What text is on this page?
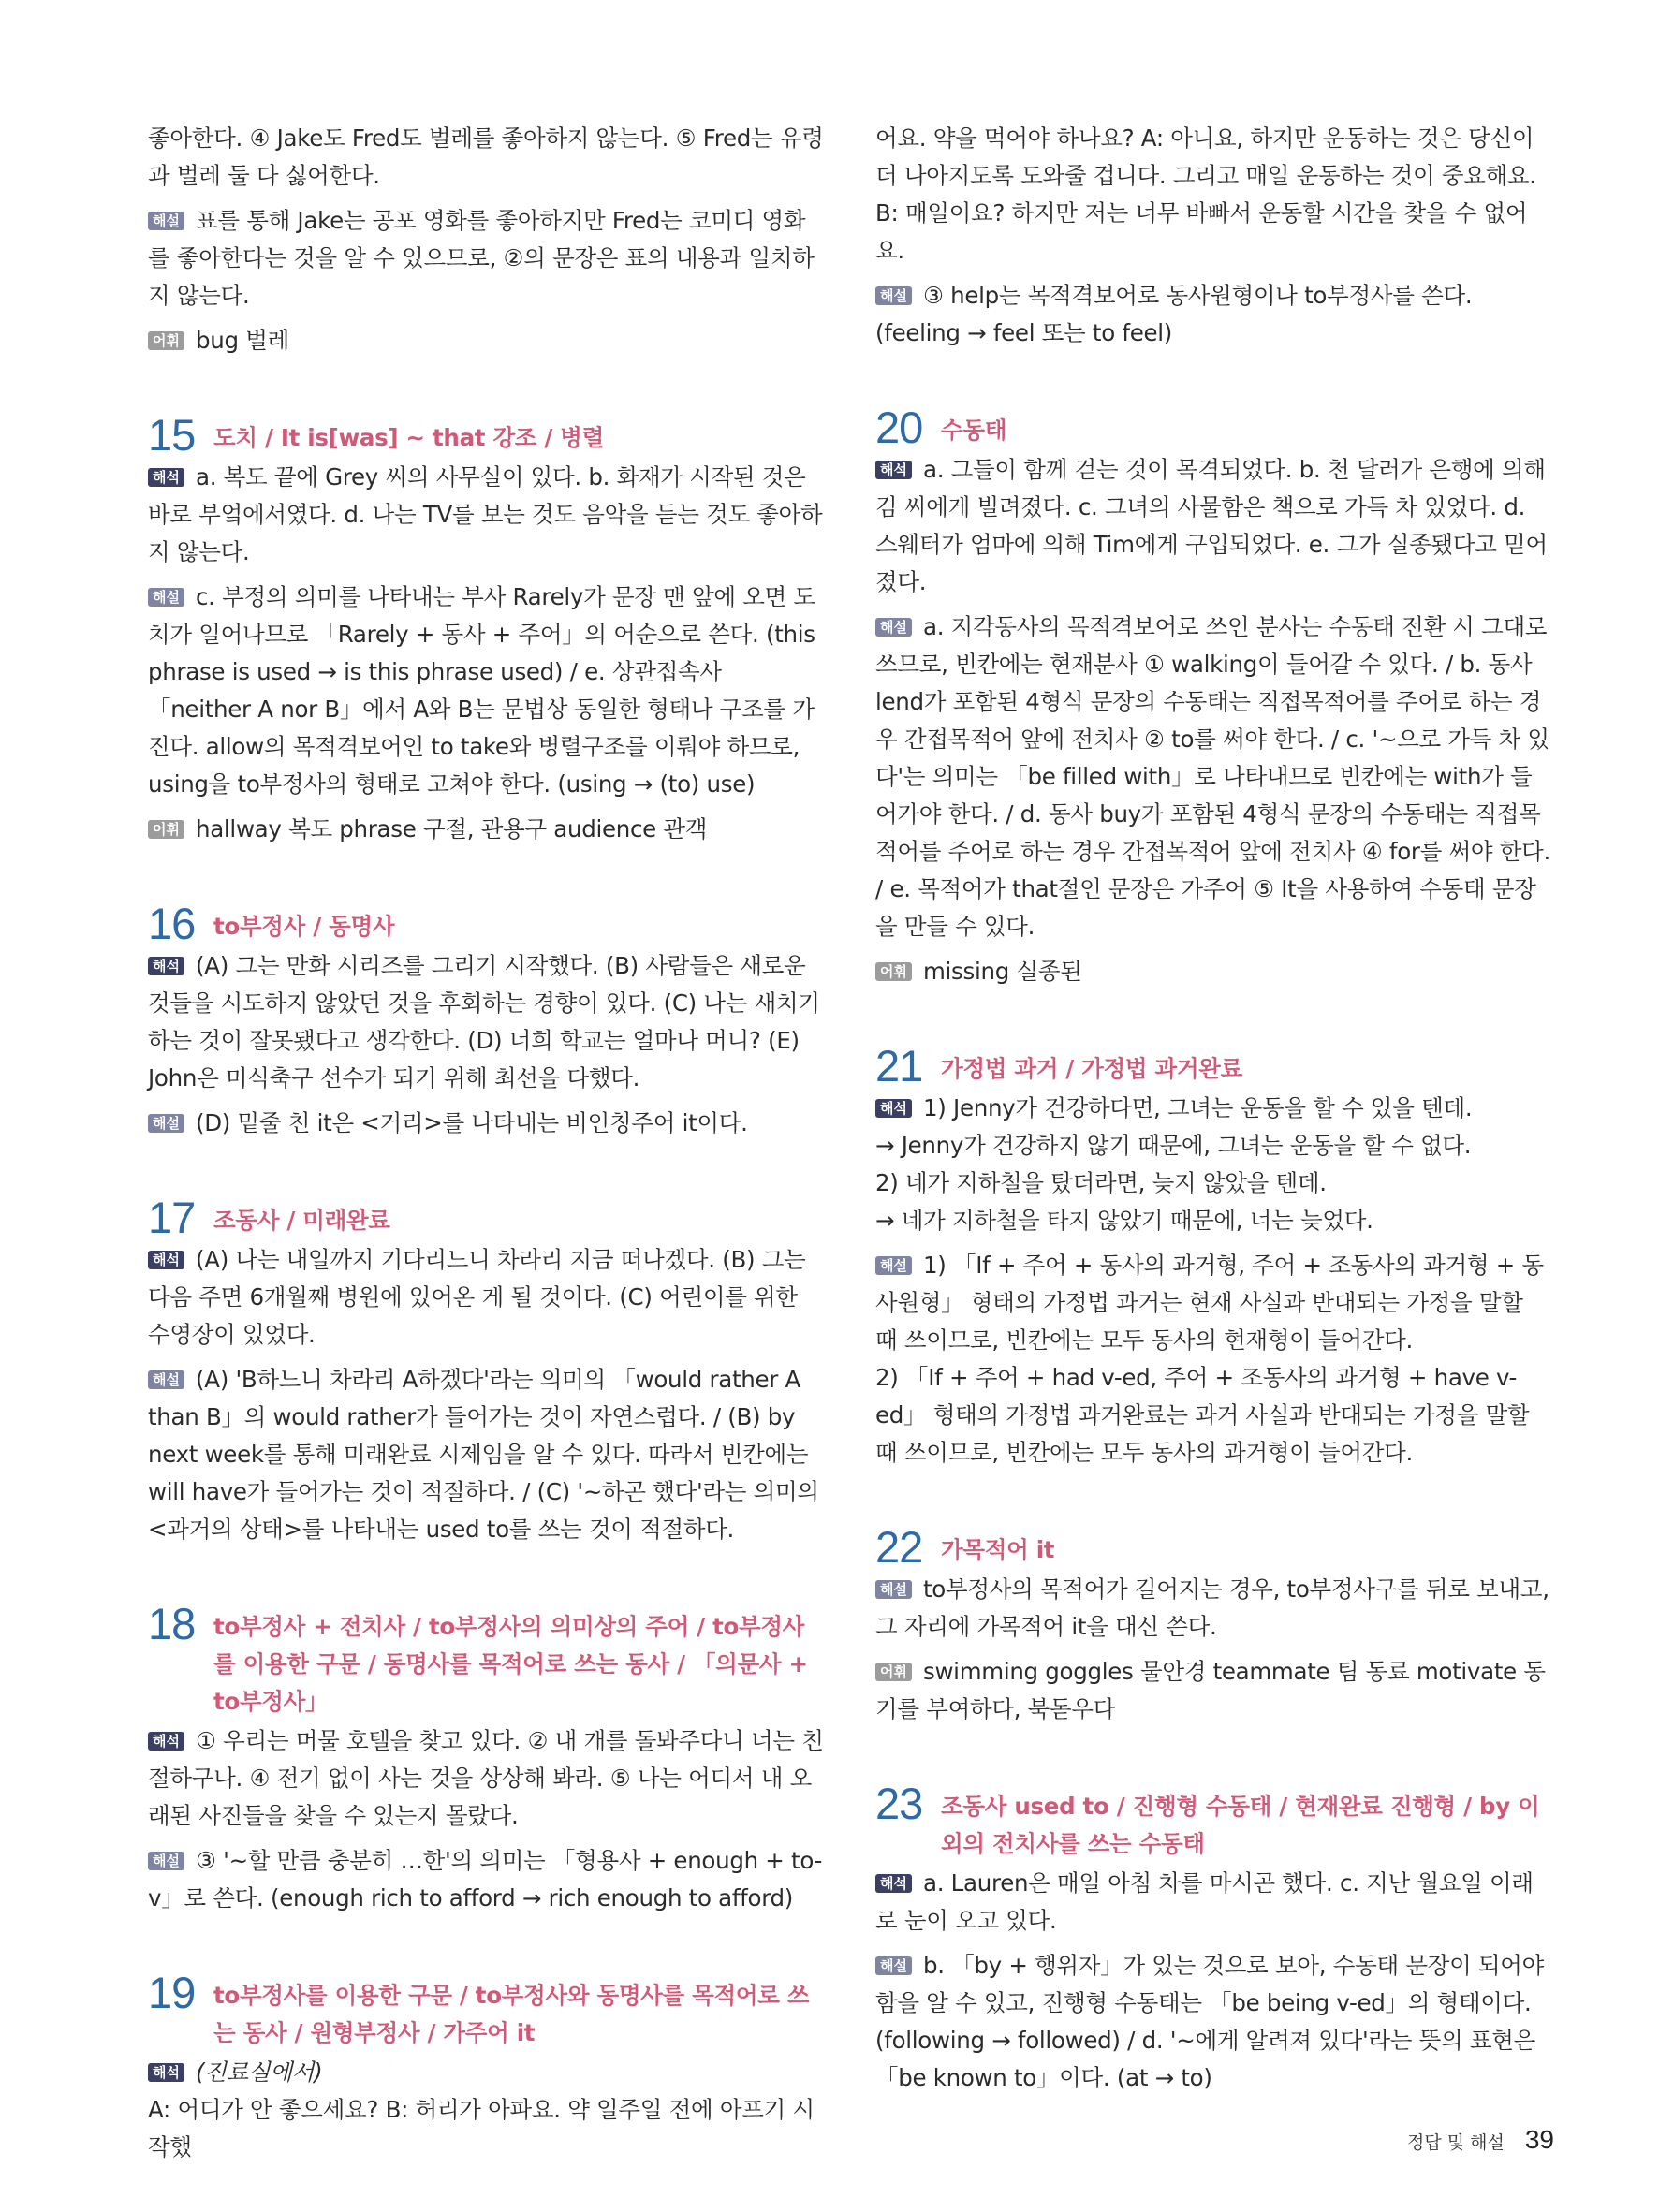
좋아한다. ④ Jake도 Fred도 벌레를 좋아하지 않는다. ⑤ Fred는 유령과 벌레 둘 다 싫어한다.

해설 표를 통해 Jake는 공포 영화를 좋아하지만 Fred는 코미디 영화를 좋아한다는 것을 알 수 있으므로, ②의 문장은 표의 내용과 일치하지 않는다.

어휘 bug 벌레

15 도치 / It is[was] ~ that 강조 / 병렬

해석 a. 복도 끝에 Grey 씨의 사무실이 있다. b. 화재가 시작된 것은 바로 부엌에서였다. d. 나는 TV를 보는 것도 음악을 듣는 것도 좋아하지 않는다.

해설 c. 부정의 의미를 나타내는 부사 Rarely가 문장 맨 앞에 오면 도치가 일어나므로 「Rarely + 동사 + 주어」의 어순으로 쓴다. (this phrase is used → is this phrase used) / e. 상관접속사 「neither A nor B」에서 A와 B는 문법상 동일한 형태나 구조를 가진다. allow의 목적격보어인 to take와 병렬구조를 이뤄야 하므로, using을 to부정사의 형태로 고쳐야 한다. (using → (to) use)

어휘 hallway 복도 phrase 구절, 관용구 audience 관객

16 to부정사 / 동명사

해석 (A) 그는 만화 시리즈를 그리기 시작했다. (B) 사람들은 새로운 것들을 시도하지 않았던 것을 후회하는 경향이 있다. (C) 나는 새치기하는 것이 잘못됐다고 생각한다. (D) 너희 학교는 얼마나 머니? (E) John은 미식축구 선수가 되기 위해 최선을 다했다.

해설 (D) 밑줄 친 it은 <거리>를 나타내는 비인칭주어 it이다.

17 조동사 / 미래완료

해석 (A) 나는 내일까지 기다리느니 차라리 지금 떠나겠다. (B) 그는 다음 주면 6개월째 병원에 있어온 게 될 것이다. (C) 어린이를 위한 수영장이 있었다.

해설 (A) 'B하느니 차라리 A하겠다'라는 의미의 「would rather A than B」의 would rather가 들어가는 것이 자연스럽다. / (B) by next week를 통해 미래완료 시제임을 알 수 있다. 따라서 빈칸에는 will have가 들어가는 것이 적절하다. / (C) '~하곤 했다'라는 의미의 <과거의 상태>를 나타내는 used to를 쓰는 것이 적절하다.

18 to부정사 + 전치사 / to부정사의 의미상의 주어 / to부정사를 이용한 구문 / 동명사를 목적어로 쓰는 동사 / 「의문사 + to부정사」

해석 ① 우리는 머물 호텔을 찾고 있다. ② 내 개를 돌봐주다니 너는 친절하구나. ④ 전기 없이 사는 것을 상상해 봐라. ⑤ 나는 어디서 내 오래된 사진들을 찾을 수 있는지 몰랐다.

해설 ③ '~할 만큼 충분히 …한'의 의미는 「형용사 + enough + to-v」로 쓴다. (enough rich to afford → rich enough to afford)

19 to부정사를 이용한 구문 / to부정사와 동명사를 목적어로 쓰는 동사 / 원형부정사 / 가주어 it

해석 (진료실에서)

A: 어디가 안 좋으세요? B: 허리가 아파요. 약 일주일 전에 아프기 시작했

어요. 약을 먹어야 하나요? A: 아니요, 하지만 운동하는 것은 당신이 더 나아지도록 도와줄 겁니다. 그리고 매일 운동하는 것이 중요해요. B: 매일이요? 하지만 저는 너무 바빠서 운동할 시간을 찾을 수 없어요.

해설 ③ help는 목적격보어로 동사원형이나 to부정사를 쓴다. (feeling → feel 또는 to feel)

20 수동태

해석 a. 그들이 함께 걷는 것이 목격되었다. b. 천 달러가 은행에 의해 김 씨에게 빌려졌다. c. 그녀의 사물함은 책으로 가득 차 있었다. d. 스웨터가 엄마에 의해 Tim에게 구입되었다. e. 그가 실종됐다고 믿어졌다.

해설 a. 지각동사의 목적격보어로 쓰인 분사는 수동태 전환 시 그대로 쓰므로, 빈칸에는 현재분사 ① walking이 들어갈 수 있다. / b. 동사 lend가 포함된 4형식 문장의 수동태는 직접목적어를 주어로 하는 경우 간접목적어 앞에 전치사 ② to를 써야 한다. / c. '~으로 가득 차 있다'는 의미는 「be filled with」로 나타내므로 빈칸에는 with가 들어가야 한다. / d. 동사 buy가 포함된 4형식 문장의 수동태는 직접목적어를 주어로 하는 경우 간접목적어 앞에 전치사 ④ for를 써야 한다. / e. 목적어가 that절인 문장은 가주어 ⑤ It을 사용하여 수동태 문장을 만들 수 있다.

어휘 missing 실종된

21 가정법 과거 / 가정법 과거완료

해석 1) Jenny가 건강하다면, 그녀는 운동을 할 수 있을 텐데.

→ Jenny가 건강하지 않기 때문에, 그녀는 운동을 할 수 없다.

2) 네가 지하철을 탔더라면, 늦지 않았을 텐데.

→ 네가 지하철을 타지 않았기 때문에, 너는 늦었다.

해설 1) 「If + 주어 + 동사의 과거형, 주어 + 조동사의 과거형 + 동사원형」 형태의 가정법 과거는 현재 사실과 반대되는 가정을 말할 때 쓰이므로, 빈칸에는 모두 동사의 현재형이 들어간다.

2) 「If + 주어 + had v-ed, 주어 + 조동사의 과거형 + have v-ed」 형태의 가정법 과거완료는 과거 사실과 반대되는 가정을 말할 때 쓰이므로, 빈칸에는 모두 동사의 과거형이 들어간다.

22 가목적어 it

해설 to부정사의 목적어가 길어지는 경우, to부정사구를 뒤로 보내고, 그 자리에 가목적어 it을 대신 쓴다.

어휘 swimming goggles 물안경 teammate 팀 동료 motivate 동기를 부여하다, 북돋우다

23 조동사 used to / 진행형 수동태 / 현재완료 진행형 / by 이외의 전치사를 쓰는 수동태

해석 a. Lauren은 매일 아침 차를 마시곤 했다. c. 지난 월요일 이래로 눈이 오고 있다.

해설 b. 「by + 행위자」가 있는 것으로 보아, 수동태 문장이 되어야 함을 알 수 있고, 진행형 수동태는 「be being v-ed」의 형태이다. (following → followed) / d. '~에게 알려져 있다'라는 뜻의 표현은 「be known to」이다. (at → to)

정답 및 해설 39
